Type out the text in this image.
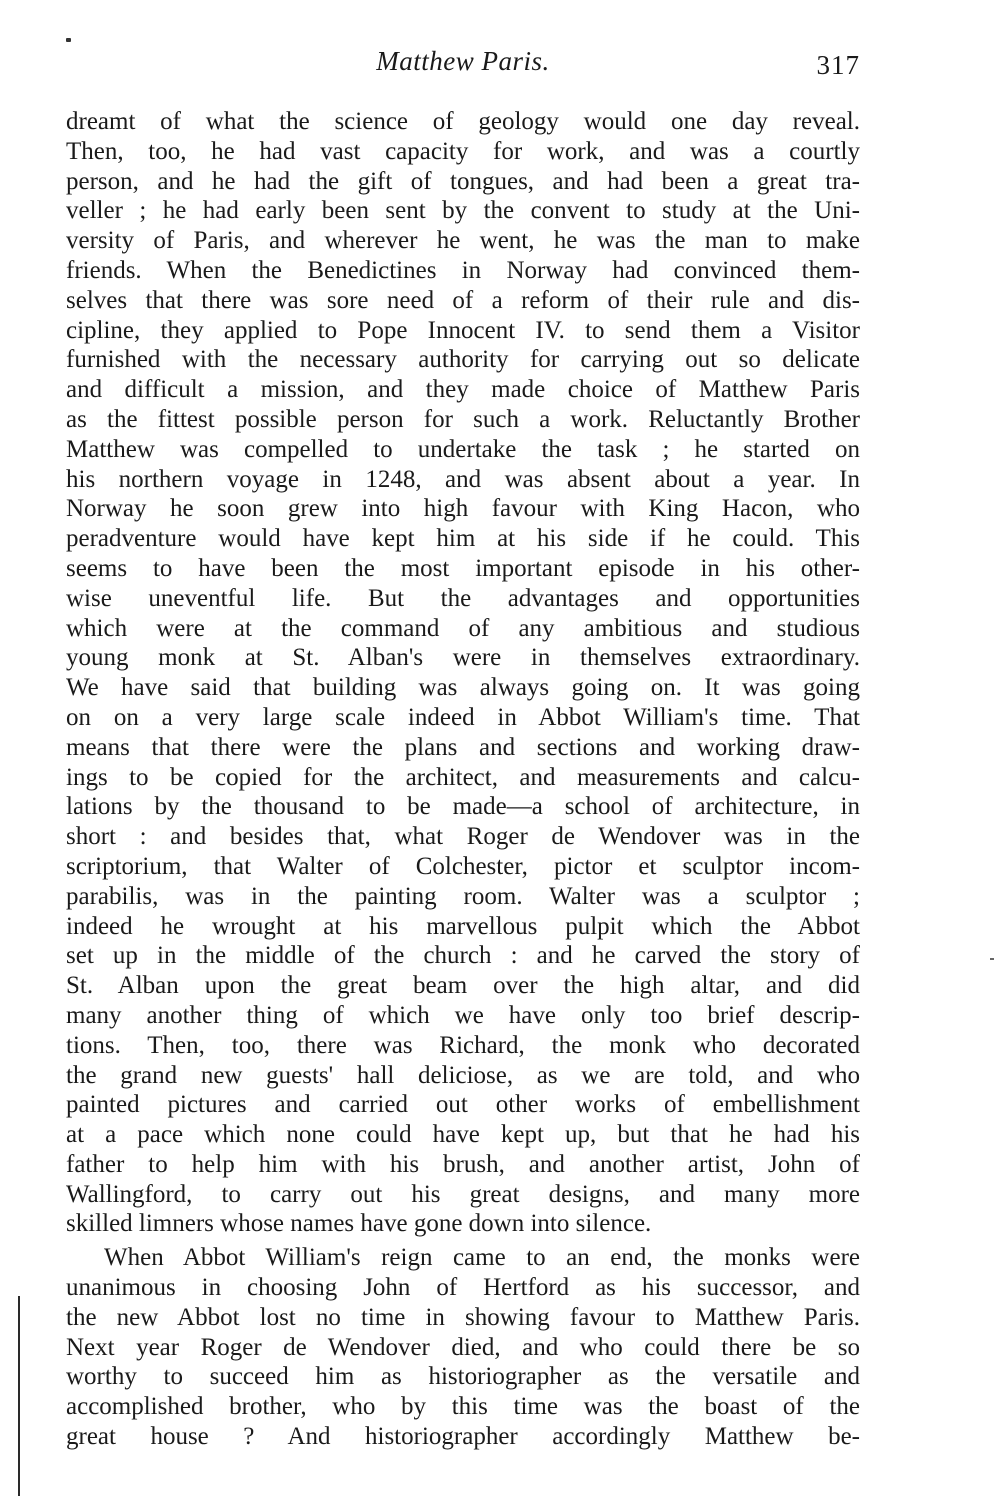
Matthew Paris.	317
dreamt of what the science of geology would one day reveal.
Then, too, he had vast capacity for work, and was a courtly
person, and he had the gift of tongues, and had been a great tra-
veller ; he had early been sent by the convent to study at the Uni-
versity of Paris, and wherever he went, he was the man to make
friends. When the Benedictines in Norway had convinced them-
selves that there was sore need of a reform of their rule and dis-
cipline, they applied to Pope Innocent IV. to send them a Visitor
furnished with the necessary authority for carrying out so delicate
and difficult a mission, and they made choice of Matthew Paris
as the fittest possible person for such a work. Reluctantly Brother
Matthew was compelled to undertake the task ; he started on
his northern voyage in 1248, and was absent about a year. In
Norway he soon grew into high favour with King Hacon, who
peradventure would have kept him at his side if he could. This
seems to have been the most important episode in his other-
wise uneventful life. But the advantages and opportunities
which were at the command of any ambitious and studious
young monk at St. Alban's were in themselves extraordinary.
We have said that building was always going on. It was going
on on a very large scale indeed in Abbot William's time. That
means that there were the plans and sections and working draw-
ings to be copied for the architect, and measurements and calcu-
lations by the thousand to be made—a school of architecture, in
short : and besides that, what Roger de Wendover was in the
scriptorium, that Walter of Colchester, pictor et sculptor incom-
parabilis, was in the painting room. Walter was a sculptor ;
indeed he wrought at his marvellous pulpit which the Abbot
set up in the middle of the church : and he carved the story of
St. Alban upon the great beam over the high altar, and did
many another thing of which we have only too brief descrip-
tions. Then, too, there was Richard, the monk who decorated
the grand new guests' hall deliciose, as we are told, and who
painted pictures and carried out other works of embellishment
at a pace which none could have kept up, but that he had his
father to help him with his brush, and another artist, John of
Wallingford, to carry out his great designs, and many more
skilled limners whose names have gone down into silence.
When Abbot William's reign came to an end, the monks were
unanimous in choosing John of Hertford as his successor, and
the new Abbot lost no time in showing favour to Matthew Paris.
Next year Roger de Wendover died, and who could there be so
worthy to succeed him as historiographer as the versatile and
accomplished brother, who by this time was the boast of the
great house ? And historiographer accordingly Matthew be-
